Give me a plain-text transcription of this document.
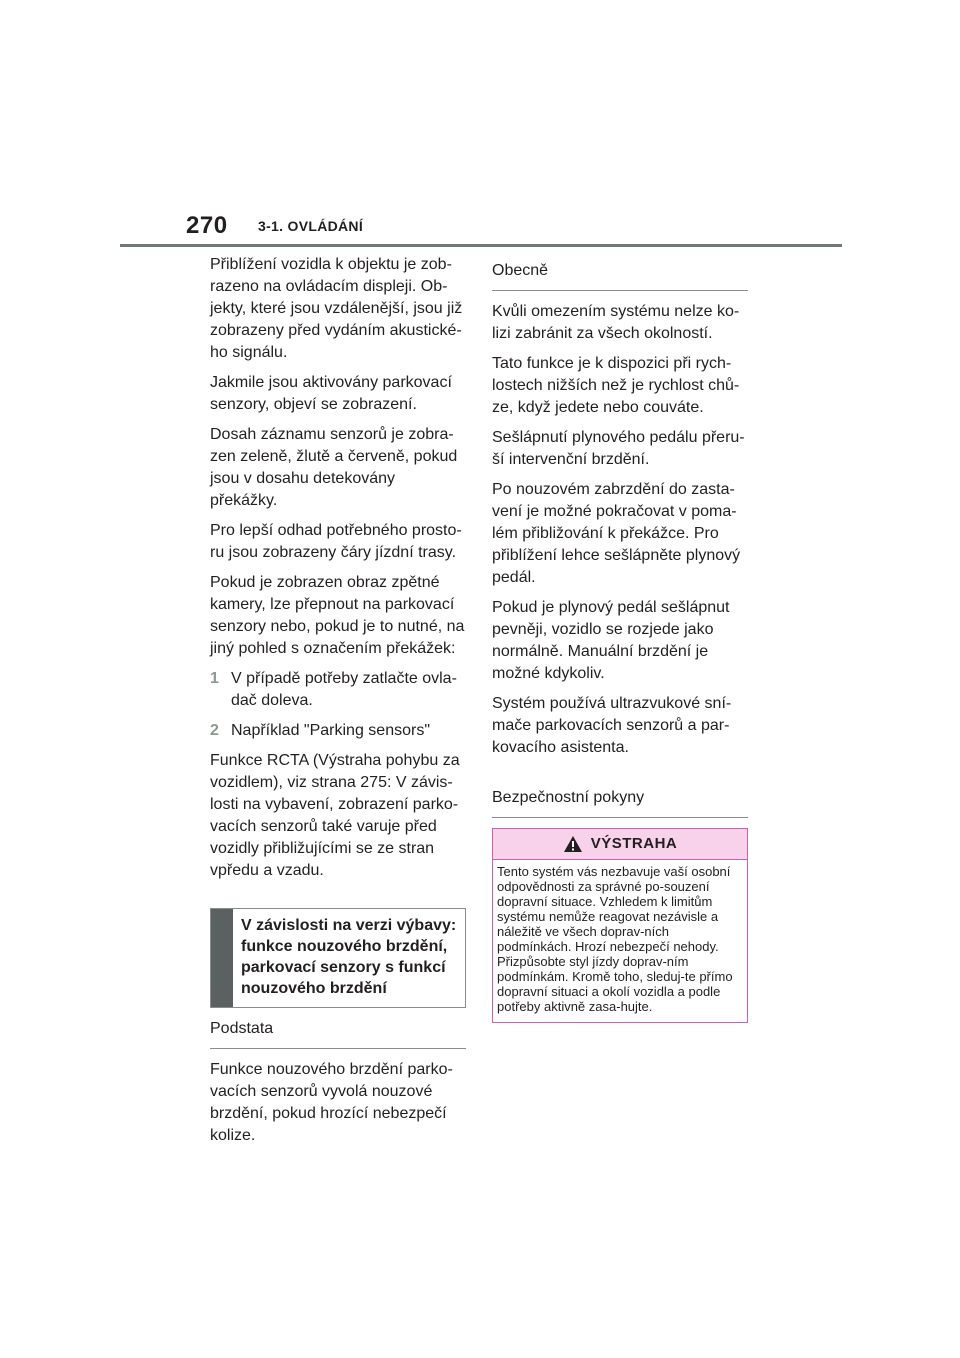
270 3-1. OVLÁDÁNÍ

Přiblížení vozidla k objektu je zob-razeno na ovládacím displeji. Ob-jekty, které jsou vzdálenější, jsou již zobrazeny před vydáním akustické-ho signálu.

Jakmile jsou aktivovány parkovací senzory, objeví se zobrazení.

Dosah záznamu senzorů je zobra-zen zeleně, žlutě a červeně, pokud jsou v dosahu detekovány překážky.

Pro lepší odhad potřebného prosto-ru jsou zobrazeny čáry jízdní trasy.

Pokud je zobrazen obraz zpětné kamery, lze přepnout na parkovací senzory nebo, pokud je to nutné, na jiný pohled s označením překážek:

1 V případě potřeby zatlačte ovla-dač doleva.
2 Například "Parking sensors"

Funkce RCTA (Výstraha pohybu za vozidlem), viz strana 275: V závis-losti na vybavení, zobrazení parko-vacích senzorů také varuje před vozidly přibližujícími se ze stran vpředu a vzadu.

V závislosti na verzi výbavy: funkce nouzového brzdění, parkovací senzory s funkcí nouzového brzdění
Podstata

Funkce nouzového brzdění parko-vacích senzorů vyvolá nouzové brzdění, pokud hrozící nebezpečí kolize.

Obecně

Kvůli omezením systému nelze ko-lizi zabránit za všech okolností.

Tato funkce je k dispozici při rych-lostech nižších než je rychlost chů-ze, když jedete nebo couváte.

Sešlápnutí plynového pedálu přeru-ší intervenční brzdění.

Po nouzovém zabrzdění do zasta-vení je možné pokračovat v poma-lém přibližování k překážce. Pro přiblížení lehce sešlápněte plynový pedál.

Pokud je plynový pedál sešlápnut pevněji, vozidlo se rozjede jako normálně. Manuální brzdění je možné kdykoliv.

Systém používá ultrazvukové sní-mače parkovacích senzorů a par-kovacího asistenta.

Bezpečnostní pokyny
VÝSTRAHA
Tento systém vás nezbavuje vaší osobní odpovědnosti za správné po-souzení dopravní situace. Vzhledem k limitům systému nemůže reagovat nezávisle a náležitě ve všech doprav-ních podmínkách. Hrozí nebezpečí nehody. Přizpůsobte styl jízdy doprav-ním podmínkám. Kromě toho, sleduj-te přímo dopravní situaci a okolí vozidla a podle potřeby aktivně zasa-hujte.
